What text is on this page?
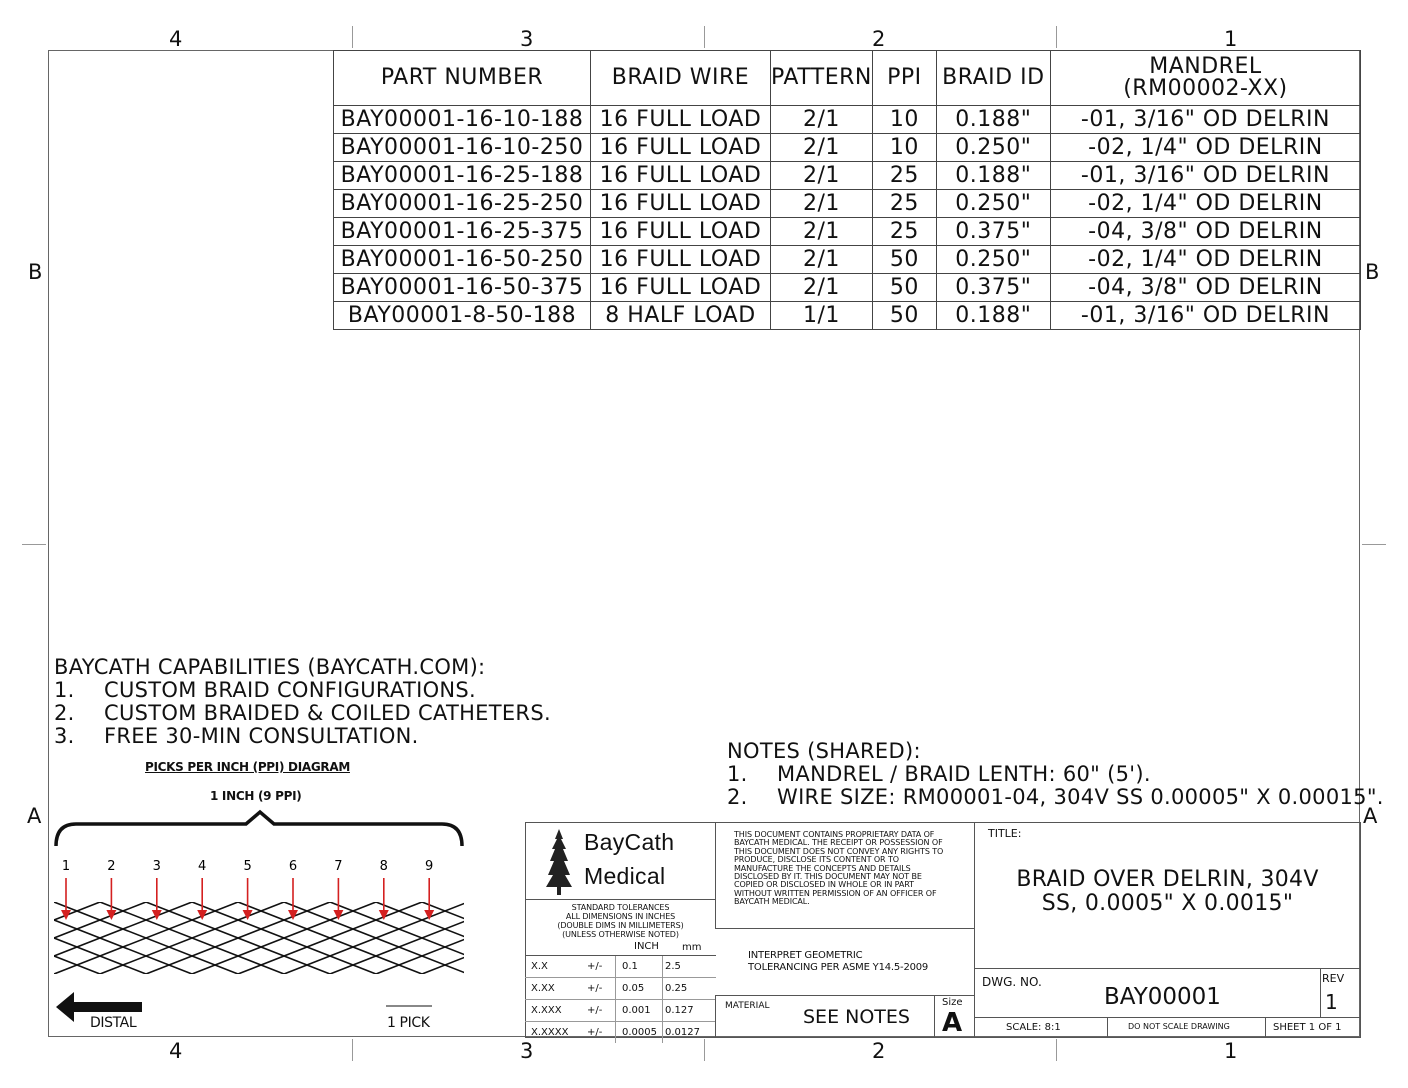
4	3	2	1
4	3	2	1
B
A
B
A
PART NUMBER	BRAID WIRE	PATTERN	PPI	BRAID ID	MANDREL
(RM00002-XX)
BAY00001-16-10-188	16 FULL LOAD	2/1	10	0.188"	-01, 3/16" OD DELRIN
BAY00001-16-10-250	16 FULL LOAD	2/1	10	0.250"	-02, 1/4" OD DELRIN
BAY00001-16-25-188	16 FULL LOAD	2/1	25	0.188"	-01, 3/16" OD DELRIN
BAY00001-16-25-250	16 FULL LOAD	2/1	25	0.250"	-02, 1/4" OD DELRIN
BAY00001-16-25-375	16 FULL LOAD	2/1	25	0.375"	-04, 3/8" OD DELRIN
BAY00001-16-50-250	16 FULL LOAD	2/1	50	0.250"	-02, 1/4" OD DELRIN
BAY00001-16-50-375	16 FULL LOAD	2/1	50	0.375"	-04, 3/8" OD DELRIN
BAY00001-8-50-188	8 HALF LOAD	1/1	50	0.188"	-01, 3/16" OD DELRIN
BAYCATH CAPABILITIES (BAYCATH.COM):
1. CUSTOM BRAID CONFIGURATIONS.
2. CUSTOM BRAIDED & COILED CATHETERS.
3. FREE 30-MIN CONSULTATION.
NOTES (SHARED):
1. MANDREL / BRAID LENTH: 60" (5').
2. WIRE SIZE: RM00001-04, 304V SS 0.00005" X 0.00015".
PICKS PER INCH (PPI) DIAGRAM
1 INCH (9 PPI)
1	2	3	4	5	6	7	8	9
DISTAL	1 PICK
BayCath
Medical
STANDARD TOLERANCES
ALL DIMENSIONS IN INCHES
(DOUBLE DIMS IN MILLIMETERS)
(UNLESS OTHERWISE NOTED)
INCH mm
X.X	+/-	0.1	2.5
X.XX	+/-	0.05	0.25
X.XXX	+/-	0.001	0.127
X.XXXX	+/-	0.0005	0.0127
THIS DOCUMENT CONTAINS PROPRIETARY DATA OF
BAYCATH MEDICAL. THE RECEIPT OR POSSESSION OF
THIS DOCUMENT DOES NOT CONVEY ANY RIGHTS TO
PRODUCE, DISCLOSE ITS CONTENT OR TO
MANUFACTURE THE CONCEPTS AND DETAILS
DISCLOSED BY IT. THIS DOCUMENT MAY NOT BE
COPIED OR DISCLOSED IN WHOLE OR IN PART
WITHOUT WRITTEN PERMISSION OF AN OFFICER OF
BAYCATH MEDICAL.
INTERPRET GEOMETRIC
TOLERANCING PER ASME Y14.5-2009
MATERIAL SEE NOTES
Size
A
TITLE:
BRAID OVER DELRIN, 304V
SS, 0.0005" X 0.0015"
DWG. NO.
BAY00001
REV
1
SCALE: 8:1	DO NOT SCALE DRAWING	SHEET 1 OF 1
